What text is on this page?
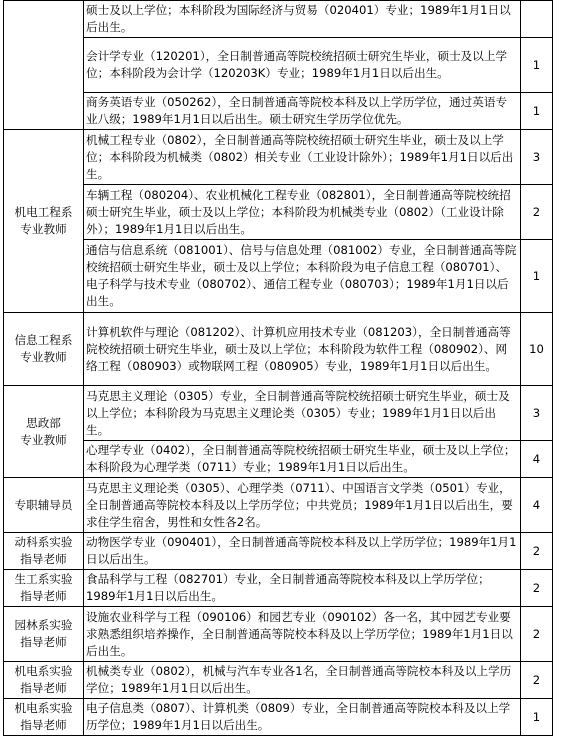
	硕士及以上学位；本科阶段为国际经济与贸易（020401）专业；1989年1月1日以后出生。	
	会计学专业（120201），全日制普通高等院校统招硕士研究生毕业，硕士及以上学位；本科阶段为会计学（120203K）专业；1989年1月1日以后出生。	1
	商务英语专业（050262），全日制普通高等院校本科及以上学历学位，通过英语专业八级；1989年1月1日以后出生。硕士研究生学历学位优先。	1

机电工程系
专业教师	机械工程专业（0802），全日制普通高等院校统招硕士研究生毕业，硕士及以上学位；本科阶段为机械类（0802）相关专业（工业设计除外）；1989年1月1日以后出生。	3
	车辆工程（080204）、农业机械化工程专业（082801），全日制普通高等院校统招硕士研究生毕业，硕士及以上学位；本科阶段为机械类专业（0802）（工业设计除外）；1989年1月1日以后出生。	2
	通信与信息系统（081001）、信号与信息处理（081002）专业，全日制普通高等院校统招硕士研究生毕业，硕士及以上学位；本科阶段为电子信息工程（080701）、电子科学与技术专业（080702）、通信工程专业（080703）；1989年1月1日以后出生。	1

信息工程系
专业教师	计算机软件与理论（081202）、计算机应用技术专业（081203），全日制普通高等院校统招硕士研究生毕业，硕士及以上学位；本科阶段为软件工程（080902）、网络工程（080903）或物联网工程（080905）专业，1989年1月1日以后出生。	10

思政部
专业教师	马克思主义理论（0305）专业，全日制普通高等院校统招硕士研究生毕业，硕士及以上学位；本科阶段为马克思主义理论类（0305）专业；1989年1月1日以后出生。	3
	心理学专业（0402），全日制普通高等院校统招硕士研究生毕业，硕士及以上学位；本科阶段为心理学类（0711）专业；1989年1月1日以后出生。	4

专职辅导员	马克思主义理论类（0305）、心理学类（0711）、中国语言文学类（0501）专业，全日制普通高等院校本科及以上学历学位；中共党员；1989年1月1日以后出生，要求住学生宿舍，男性和女性各2名。	4

动科系实验
指导老师	动物医学专业（090401），全日制普通高等院校本科及以上学历学位；1989年1月1日以后出生。	2

生工系实验
指导老师	食品科学与工程（082701）专业，全日制普通高等院校本科及以上学历学位；1989年1月1日以后出生。	2

园林系实验
指导老师	设施农业科学与工程（090106）和园艺专业（090102）各一名，其中园艺专业要求熟悉组织培养操作，全日制普通高等院校本科及以上学历学位；1989年1月1日以后出生。	2

机电系实验
指导老师	机械类专业（0802），机械与汽车专业各1名，全日制普通高等院校本科及以上学历学位；1989年1月1日以后出生。	2

机电系实验
指导老师	电子信息类（0807）、计算机类（0809）专业，全日制普通高等院校本科及以上学历学位；1989年1月1日以后出生。	1
